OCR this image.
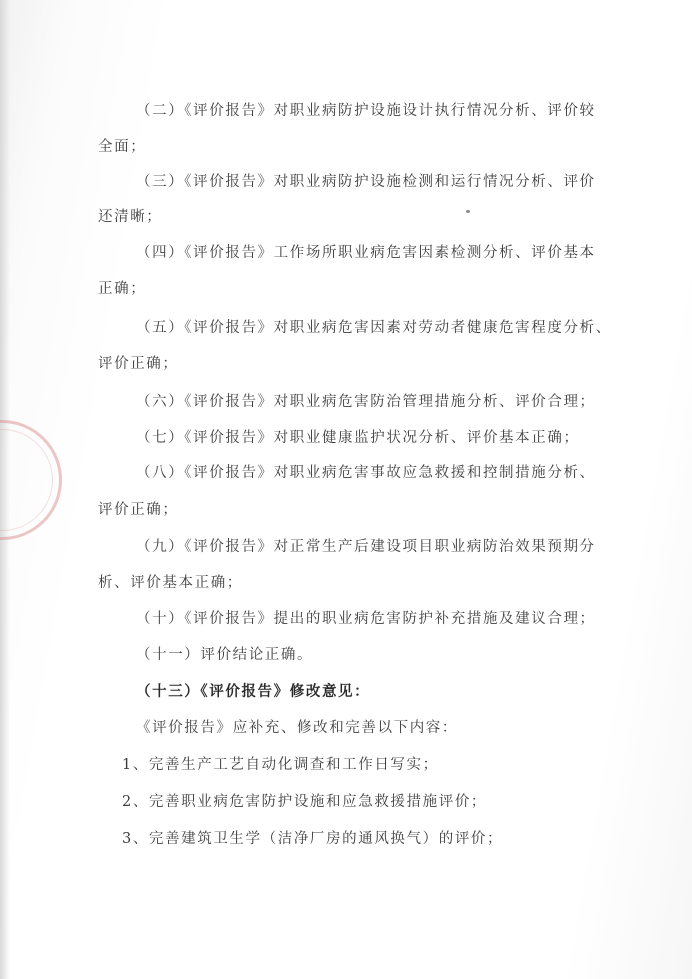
（二）《评价报告》对职业病防护设施设计执行情况分析、评价较
全面；
（三）《评价报告》对职业病防护设施检测和运行情况分析、评价
还清晰；
（四）《评价报告》工作场所职业病危害因素检测分析、评价基本
正确；
（五）《评价报告》对职业病危害因素对劳动者健康危害程度分析、
评价正确；
（六）《评价报告》对职业病危害防治管理措施分析、评价合理；
（七）《评价报告》对职业健康监护状况分析、评价基本正确；
（八）《评价报告》对职业病危害事故应急救援和控制措施分析、
评价正确；
（九）《评价报告》对正常生产后建设项目职业病防治效果预期分
析、评价基本正确；
（十）《评价报告》提出的职业病危害防护补充措施及建议合理；
（十一）评价结论正确。
（十三）《评价报告》修改意见：
《评价报告》应补充、修改和完善以下内容：
1、完善生产工艺自动化调查和工作日写实；
2、完善职业病危害防护设施和应急救援措施评价；
3、完善建筑卫生学（洁净厂房的通风换气）的评价；
